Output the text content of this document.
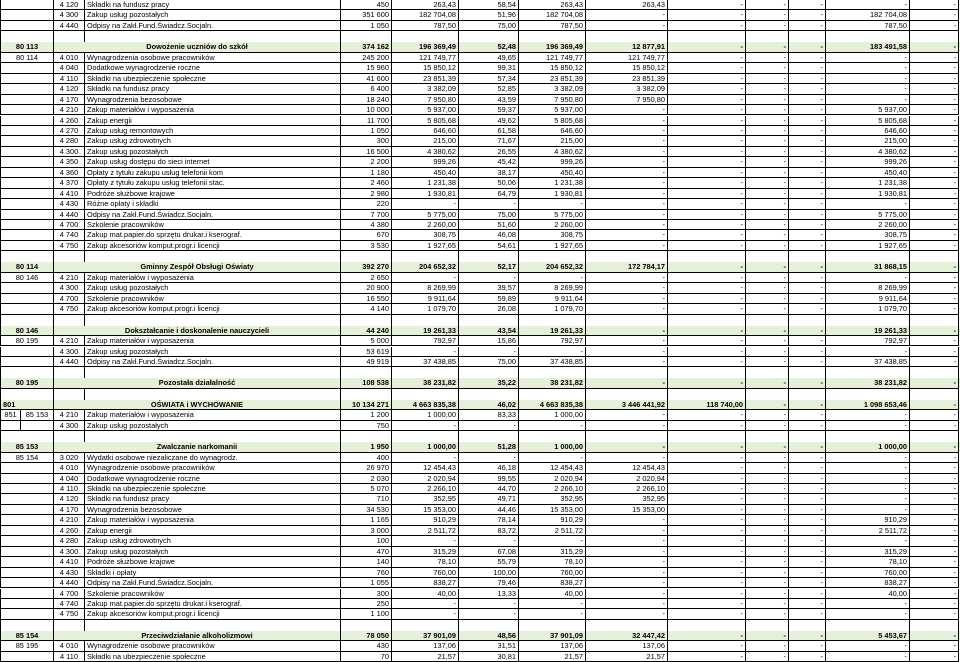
4 120	Składki na fundusz pracy	450	263,43	58,54	263,43	263,43	-	-	-	-	-
4 300	Zakup usług pozostałych	351 600	182 704,08	51,96	182 704,08	-	-	-	-	182 704,08	-
4 440	Odpisy na Zakł.Fund.Świadcz.Socjaln.	1 050	787,50	75,00	787,50	-	-	-	-	787,50	-
80 113	Dowożenie uczniów do szkół	374 162	196 369,49	52,48	196 369,49	12 877,91	-	-	-	183 491,58	-
80 114	4 010	Wynagrodzenia osobowe pracowników	245 200	121 749,77	49,65	121 749,77	121 749,77	-	-	-	-	-
4 040	Dodatkowe wynagrodzenie roczne	15 960	15 850,12	99,31	15 850,12	15 850,12	-	-	-	-	-
4 110	Składki na ubezpieczenie społeczne	41 600	23 851,39	57,34	23 851,39	23 851,39	-	-	-	-	-
4 120	Składki na fundusz pracy	6 400	3 382,09	52,85	3 382,09	3 382,09	-	-	-	-	-
4 170	Wynagrodzenia bezosobowe	18 240	7 950,80	43,59	7 950,80	7 950,80	-	-	-	-	-
4 210	Zakup materiałów i wyposażenia	10 000	5 937,00	59,37	5 937,00	-	-	-	-	5 937,00	-
4 260	Zakup energii	11 700	5 805,68	49,62	5 805,68	-	-	-	-	5 805,68	-
4 270	Zakup usług remontowych	1 050	646,60	61,58	646,60	-	-	-	-	646,60	-
4 280	Zakup usług zdrowotnych	300	215,00	71,67	215,00	-	-	-	-	215,00	-
4 300	Zakup usług pozostałych	16 500	4 380,62	26,55	4 380,62	-	-	-	-	4 380,62	-
4 350	Zakup usług dostępu do sieci internet	2 200	999,26	45,42	999,26	-	-	-	-	999,26	-
4 360	Opłaty z tytułu zakupu usług telefonii kom	1 180	450,40	38,17	450,40	-	-	-	-	450,40	-
4 370	Opłaty z tytułu zakupu usług telefonii stac.	2 460	1 231,38	50,06	1 231,38	-	-	-	-	1 231,38	-
4 410	Podróże służbowe krajowe	2 980	1 930,81	64,79	1 930,81	-	-	-	-	1 930,81	-
4 430	Różne opłaty i składki	220	-	-	-	-	-	-	-	-	-
4 440	Odpisy na Zakł.Fund.Świadcz.Socjaln.	7 700	5 775,00	75,00	5 775,00	-	-	-	-	5 775,00	-
4 700	Szkolenie pracowników	4 380	2 260,00	51,60	2 260,00	-	-	-	-	2 260,00	-
4 740	Zakup mat.papier.do sprzętu drukar.i kserograf.	670	308,75	46,08	308,75	-	-	-	-	308,75	-
4 750	Zakup akcesoriów komput.progr.i licencji	3 530	1 927,65	54,61	1 927,65	-	-	-	-	1 927,65	-
80 114	Gminny Zespół Obsługi Oświaty	392 270	204 652,32	52,17	204 652,32	172 784,17	-	-	-	31 868,15	-
80 146	4 210	Zakup materiałów i wyposażenia	2 650	-	-	-	-	-	-	-	-	-
4 300	Zakup usług pozostałych	20 900	8 269,99	39,57	8 269,99	-	-	-	-	8 269,99	-
4 700	Szkolenie pracowników	16 550	9 911,64	59,89	9 911,64	-	-	-	-	9 911,64	-
4 750	Zakup akcesoriów komput.progr.i licencji	4 140	1 079,70	26,08	1 079,70	-	-	-	-	1 079,70	-
80 146	Dokształcanie i doskonalenie nauczycieli	44 240	19 261,33	43,54	19 261,33	-	-	-	-	19 261,33	-
80 195	4 210	Zakup materiałów i wyposażenia	5 000	792,97	15,86	792,97	-	-	-	-	792,97	-
4 300	Zakup usług pozostałych	53 619	-	-	-	-	-	-	-	-	-
4 440	Odpisy na Zakł.Fund.Świadcz.Socjaln.	49 919	37 438,85	75,00	37 438,85	-	-	-	-	37 438,85	-
80 195	Pozostała działalność	108 538	38 231,82	35,22	38 231,82	-	-	-	-	38 231,82	-
801	OŚWIATA i WYCHOWANIE	10 134 271	4 663 835,38	46,02	4 663 835,38	3 446 441,92	118 740,00	-	-	1 098 653,46	-
851	85 153	4 210	Zakup materiałów i wyposażenia	1 200	1 000,00	83,33	1 000,00	-	-	-	-	-	-
4 300	Zakup usług pozostałych	750	-	-	-	-	-	-	-	-	-
85 153	Zwalczanie narkomanii	1 950	1 000,00	51,28	1 000,00	-	-	-	-	1 000,00	-
85 154	3 020	Wydatki osobowe niezaliczane do wynagrodz.	400	-	-	-	-	-	-	-	-	-
4 010	Wynagrodzenie osobowe pracowników	26 970	12 454,43	46,18	12 454,43	12 454,43	-	-	-	-	-
4 040	Dodatkowe wynagrodzenie roczne	2 030	2 020,94	99,55	2 020,94	2 020,94	-	-	-	-	-
4 110	Składki na ubezpieczenie społeczne	5 070	2 266,10	44,70	2 266,10	2 266,10	-	-	-	-	-
4 120	Składki na fundusz pracy	710	352,95	49,71	352,95	352,95	-	-	-	-	-
4 170	Wynagrodzenia bezosobowe	34 530	15 353,00	44,46	15 353,00	15 353,00	-	-	-	-	-
4 210	Zakup materiałów i wyposażenia	1 165	910,29	78,14	910,29	-	-	-	-	910,29	-
4 260	Zakup energii	3 000	2 511,72	83,72	2 511,72	-	-	-	-	2 511,72	-
4 280	Zakup usług zdrowotnych	100	-	-	-	-	-	-	-	-	-
4 300	Zakup usług pozostałych	470	315,29	67,08	315,29	-	-	-	-	315,29	-
4 410	Podróże służbowe krajowe	140	78,10	55,79	78,10	-	-	-	-	78,10	-
4 430	Składki i opłaty	760	760,00	100,00	760,00	-	-	-	-	760,00	-
4 440	Odpisy na Zakł.Fund.Świadcz.Socjaln.	1 055	838,27	79,46	838,27	-	-	-	-	838,27	-
4 700	Szkolenie pracowników	300	40,00	13,33	40,00	-	-	-	-	40,00	-
4 740	Zakup mat.papier.do sprzętu drukar.i kserograf.	250	-	-	-	-	-	-	-	-	-
4 750	Zakup akcesoriów komput.progr.i licencji	1 100	-	-	-	-	-	-	-	-	-
85 154	Przeciwdziałanie alkoholizmowi	78 050	37 901,09	48,56	37 901,09	32 447,42	-	-	-	5 453,67	-
85 195	4 010	Wynagrodzenie osobowe pracowników	430	137,06	31,51	137,06	137,06	-	-	-	-	-
4 110	Składki na ubezpieczenie społeczne	70	21,57	30,81	21,57	21,57	-	-	-	-	-
